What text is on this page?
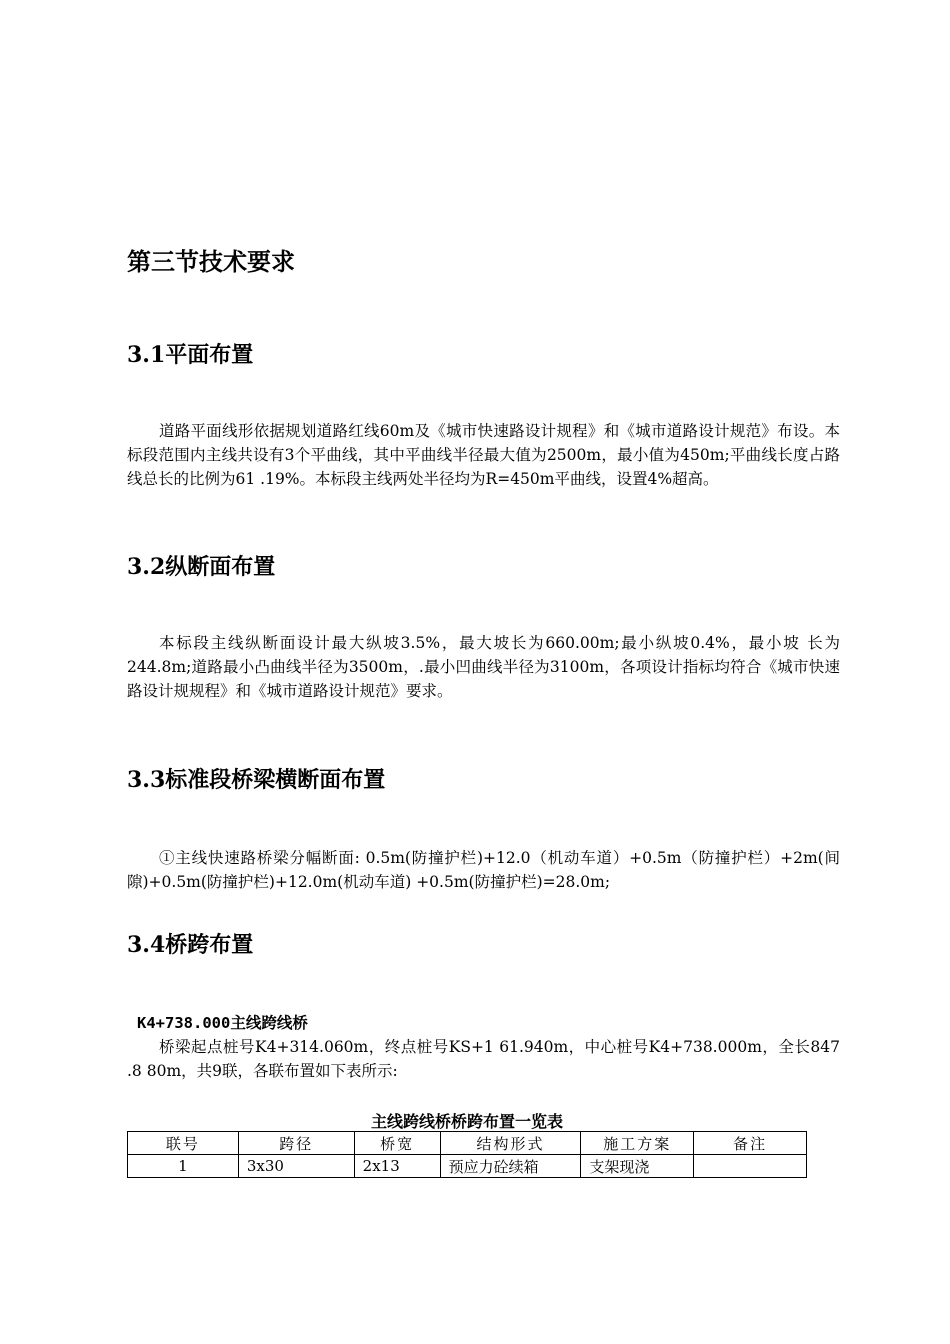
第三节技术要求
3.1平面布置

道路平面线形依据规划道路红线60m及《城市快速路设计规程》和《城市道路设计规范》布设。本标段范围内主线共设有3个平曲线，其中平曲线半径最大值为2500m，最小值为450m;平曲线长度占路线总长的比例为61 .19%。本标段主线两处半径均为R=450m平曲线，设置4%超高。

3.2纵断面布置

本标段主线纵断面设计最大纵坡3.5%，最大坡长为660.00m;最小纵坡0.4%，最小坡 长为244.8m;道路最小凸曲线半径为3500m，.最小凹曲线半径为3100m，各项设计指标均符合《城市快速路设计规规程》和《城市道路设计规范》要求。

3.3标准段桥梁横断面布置

①主线快速路桥梁分幅断面: 0.5m(防撞护栏)+12.0（机动车道）+0.5m（防撞护栏）+2m(间隙)+0.5m(防撞护栏)+12.0m(机动车道) +0.5m(防撞护栏)=28.0m;

3.4桥跨布置
K4+738.000主线跨线桥

桥梁起点桩号K4+314.060m，终点桩号KS+1 61.940m，中心桩号K4+738.000m，全长847 .8 80m，共9联，各联布置如下表所示:

主线跨线桥桥跨布置一览表
联号	跨径	桥宽	结构形式	施工方案	备注
1	3x30	2x13	预应力砼续箱	支架现浇	
